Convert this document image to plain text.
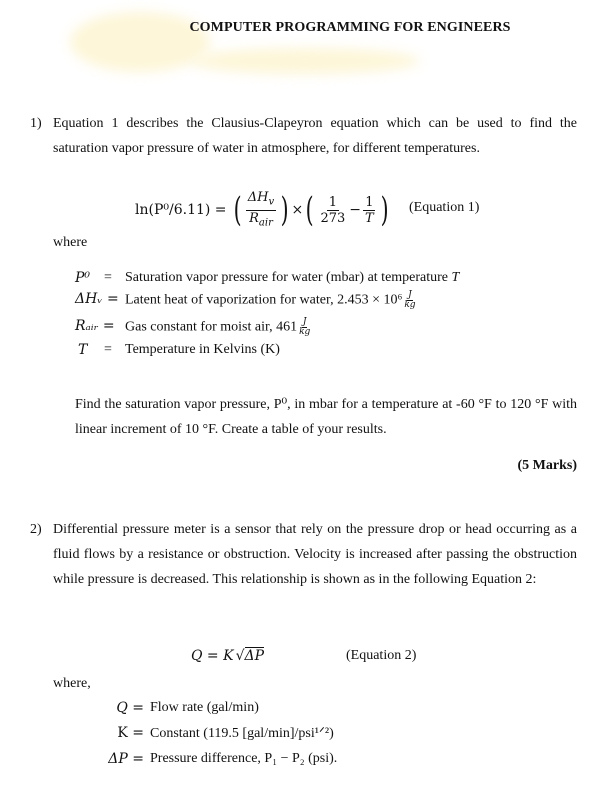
COMPUTER PROGRAMMING FOR ENGINEERS
1) Equation 1 describes the Clausius-Clapeyron equation which can be used to find the saturation vapor pressure of water in atmosphere, for different temperatures.
ln(P⁰/6.11) = ( $\frac{\Delta H_v}{R_{air}}$ ) × ( $\frac{1}{273} - \frac{1}{T}$ ) (Equation 1)
where
P⁰ = Saturation vapor pressure for water (mbar) at temperature T
ΔHᵥ = Latent heat of vaporization for water, $2.453 \times 10^6 \frac{J}{kg}$
Rₐᵢᵣ = Gas constant for moist air, $461 \frac{J}{kg}$
T	= Temperature in Kelvins (K)
Find the saturation vapor pressure, P⁰, in mbar for a temperature at -60 °F to 120 °F with linear increment of 10 °F. Create a table of your results.
(5 Marks)
2) Differential pressure meter is a sensor that rely on the pressure drop or head occurring as a fluid flows by a resistance or obstruction. Velocity is increased after passing the obstruction while pressure is decreased. This relationship is shown as in the following Equation 2:
Q = K √ ΔP	(Equation 2)
where,
Q = Flow rate (gal/min)
K = Constant (119.5 [gal/min]/psi¹ᐟ²)
ΔP = Pressure difference, P₁ − P₂ (psi).
